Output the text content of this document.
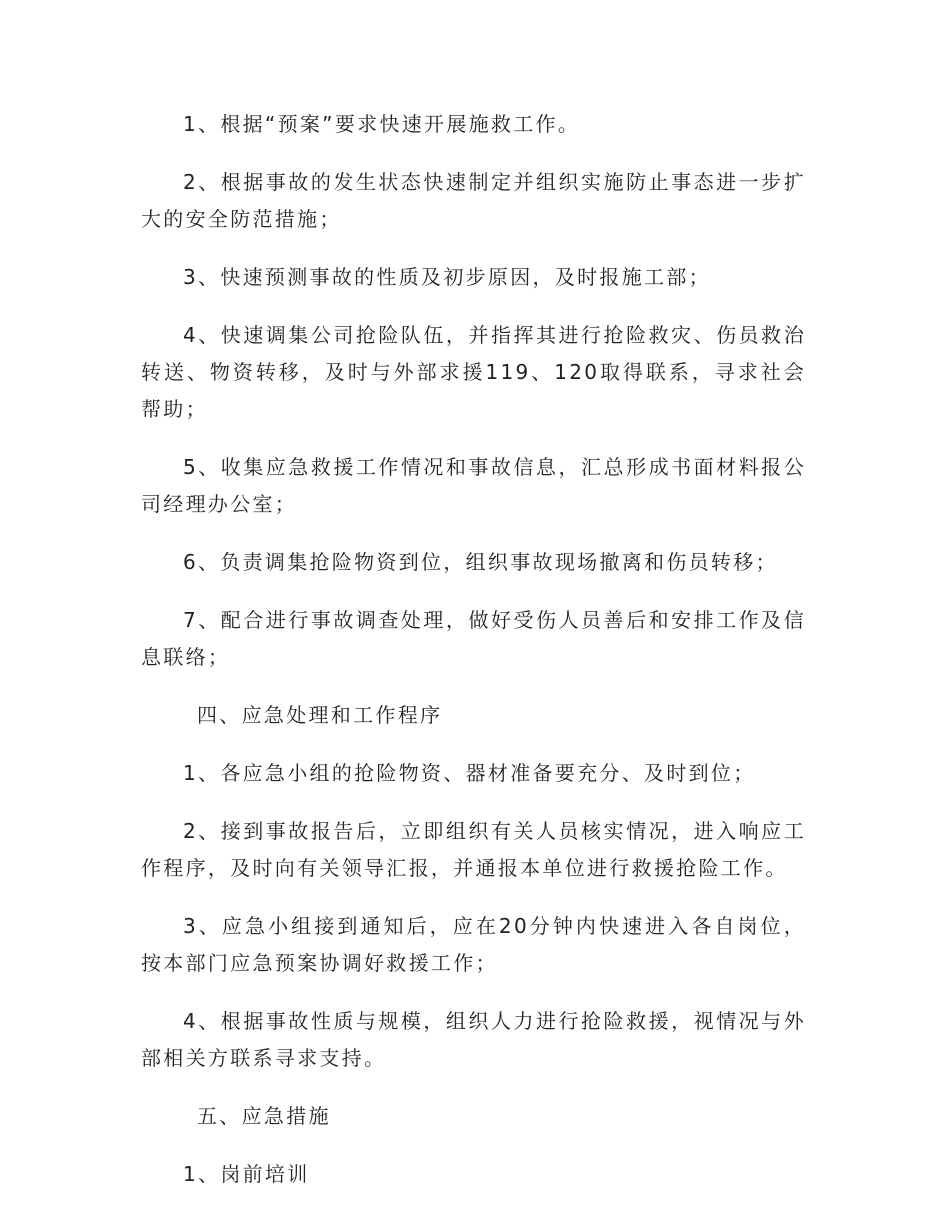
1、根据“预案”要求快速开展施救工作。

2、根据事故的发生状态快速制定并组织实施防止事态进一步扩大的安全防范措施；

3、快速预测事故的性质及初步原因，及时报施工部；

4、快速调集公司抢险队伍，并指挥其进行抢险救灾、伤员救治转送、物资转移，及时与外部求援119、120取得联系，寻求社会帮助；

5、收集应急救援工作情况和事故信息，汇总形成书面材料报公司经理办公室；

6、负责调集抢险物资到位，组织事故现场撤离和伤员转移；

7、配合进行事故调查处理，做好受伤人员善后和安排工作及信息联络；

四、应急处理和工作程序

1、各应急小组的抢险物资、器材准备要充分、及时到位；

2、接到事故报告后，立即组织有关人员核实情况，进入响应工作程序，及时向有关领导汇报，并通报本单位进行救援抢险工作。

3、应急小组接到通知后，应在20分钟内快速进入各自岗位，按本部门应急预案协调好救援工作；

4、根据事故性质与规模，组织人力进行抢险救援，视情况与外部相关方联系寻求支持。

五、应急措施

1、岗前培训
